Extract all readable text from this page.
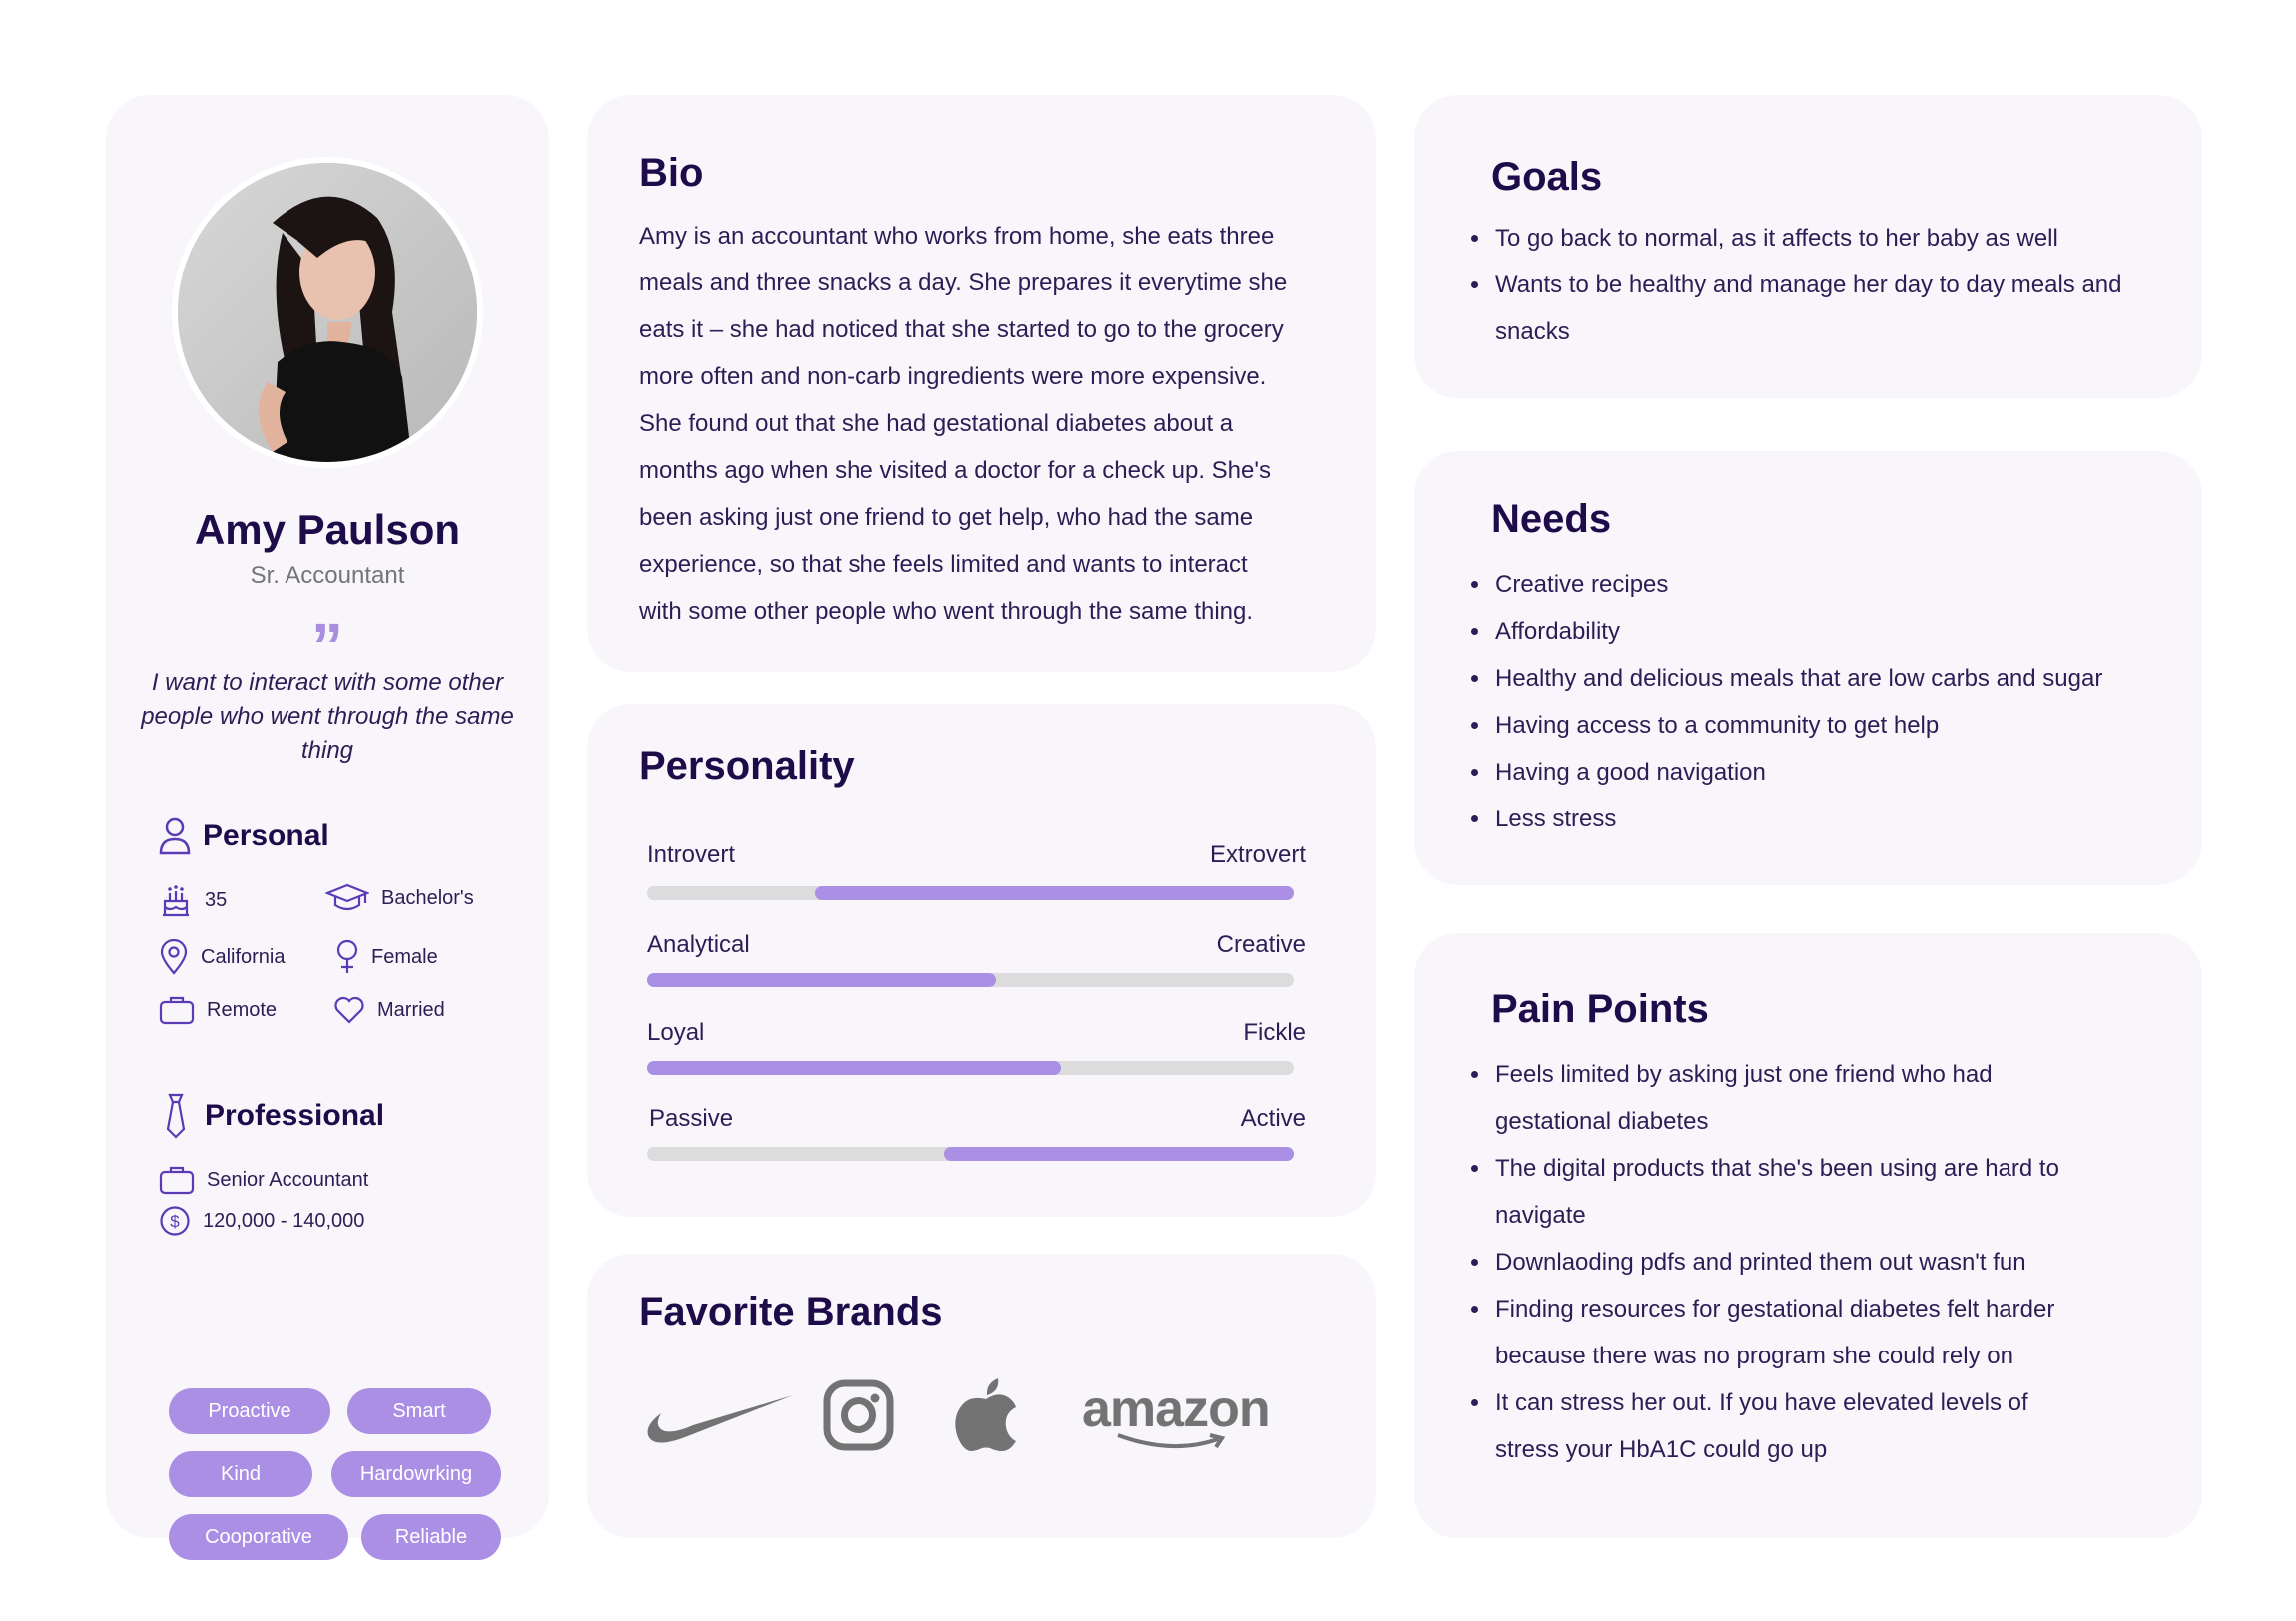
Amy Paulson
Sr. Accountant
”
I want to interact with some other people who went through the same thing
Personal
35	Bachelor's
California	Female
Remote	Married
Professional
Senior Accountant
$ 120,000 - 140,000
Proactive	Smart
Kind	Hardowrking
Cooporative	Reliable
Bio
Amy is an accountant who works from home, she eats three
meals and three snacks a day. She prepares it everytime she
eats it – she had noticed that she started to go to the grocery
more often and non-carb ingredients were more expensive.
She found out that she had gestational diabetes about a
months ago when she visited a doctor for a check up. She's
been asking just one friend to get help, who had the same
experience, so that she feels limited and wants to interact
with some other people who went through the same thing.
Personality
Introvert	Extrovert
Analytical	Creative
Loyal	Fickle
Passive	Active
Favorite Brands
amazon
Goals
To go back to normal, as it affects to her baby as well
Wants to be healthy and manage her day to day meals and snacks
Needs
Creative recipes
Affordability
Healthy and delicious meals that are low carbs and sugar
Having access to a community to get help
Having a good navigation
Less stress
Pain Points
Feels limited by asking just one friend who had gestational diabetes
The digital products that she's been using are hard to navigate
Downlaoding pdfs and printed them out wasn't fun
Finding resources for gestational diabetes felt harder because there was no program she could rely on
It can stress her out. If you have elevated levels of stress your HbA1C could go up
